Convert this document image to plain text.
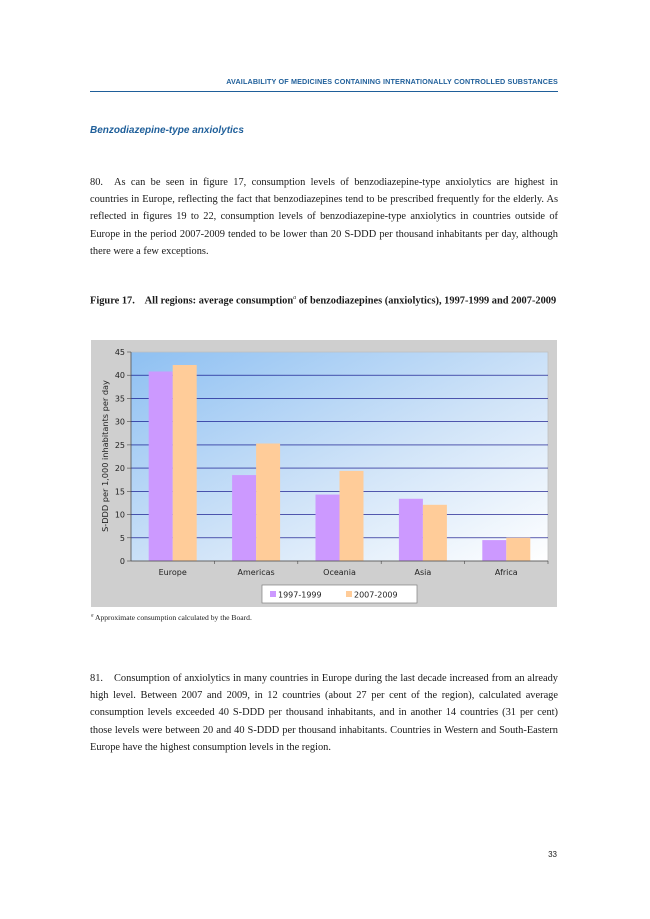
AVAILABILITY OF MEDICINES CONTAINING INTERNATIONALLY CONTROLLED SUBSTANCES
Benzodiazepine-type anxiolytics

80. As can be seen in figure 17, consumption levels of benzodiazepine-type anxiolytics are highest in countries in Europe, reflecting the fact that benzodiazepines tend to be prescribed frequently for the elderly. As reflected in figures 19 to 22, consumption levels of benzodiazepine-type anxiolytics in countries outside of Europe in the period 2007-2009 tended to be lower than 20 S-DDD per thousand inhabitants per day, although there were a few exceptions.

Figure 17. All regions: average consumption$^a$ of benzodiazepines (anxiolytics), 1997-1999 and 2007-2009

0
5
10
15
20
25
30
35
40
45
Europe	Americas	Oceania	Asia	Africa
S-DDD per 1,000 inhabitants per day
1997-1999	2007-2009
$^a$ Approximate consumption calculated by the Board.

81. Consumption of anxiolytics in many countries in Europe during the last decade increased from an already high level. Between 2007 and 2009, in 12 countries (about 27 per cent of the region), calculated average consumption levels exceeded 40 S-DDD per thousand inhabitants, and in another 14 countries (31 per cent) those levels were between 20 and 40 S-DDD per thousand inhabitants. Countries in Western and South-Eastern Europe have the highest consumption levels in the region.

33
